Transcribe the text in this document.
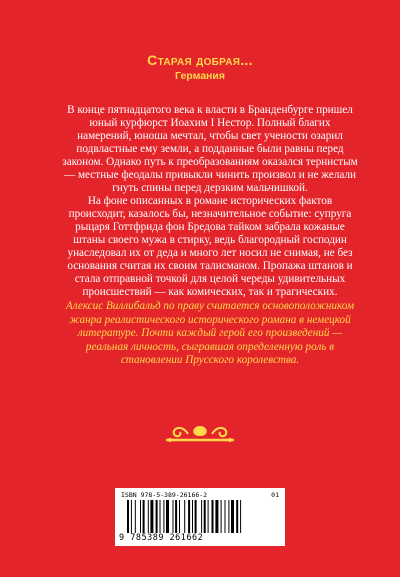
Старая добрая...
Германия

В конце пятнадцатого века к власти в Бранденбурге пришел юный курфюрст Иоахим I Нестор. Полный благих намерений, юноша мечтал, чтобы свет учености озарил подвластные ему земли, а подданные были равны перед законом. Однако путь к преобразованиям оказался тернистым — местные феодалы привыкли чинить произвол и не желали гнуть спины перед дерзким мальчишкой.

На фоне описанных в романе исторических фактов происходит, казалось бы, незначительное событие: супруга рыцаря Готтфрида фон Бредова тайком забрала кожаные штаны своего мужа в стирку, ведь благородный господин унаследовал их от деда и много лет носил не снимая, не без основания считая их своим талисманом. Пропажа штанов и стала отправной точкой для целой череды удивительных происшествий — как комических, так и трагических.

Алексис Виллибальд по праву считается основоположником жанра реалистического исторического романа в немецкой литературе. Почти каждый герой его произведений — реальная личность, сыгравшая определенную роль в становлении Прусского королевства.
ISBN 978-5-389-26166-2	01
9 785389 261662
